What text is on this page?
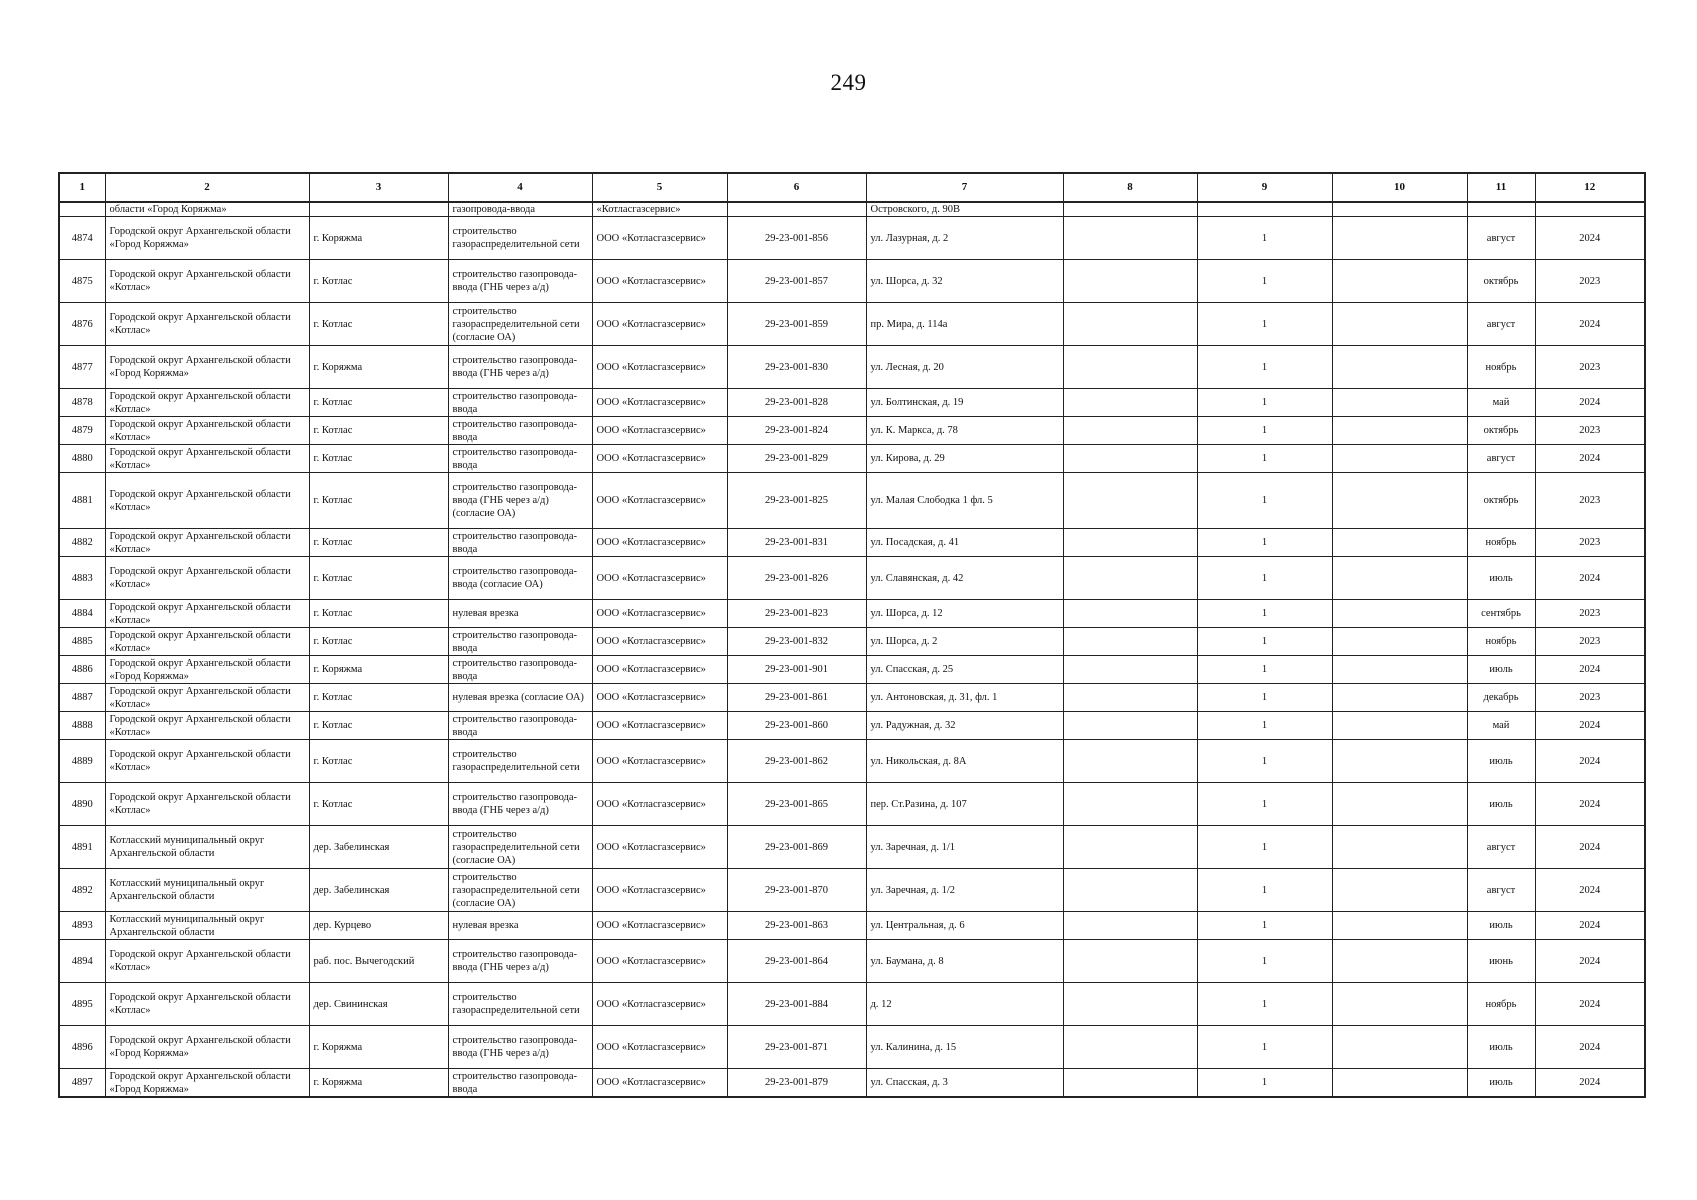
249
1	2	3	4	5	6	7	8	9	10	11	12
	области «Город Коряжма»		газопровода-ввода	«Котласгазсервис»		Островского, д. 90В					
4874	Городской округ Архангельской области «Город Коряжма»	г. Коряжма	строительство газораспределительной сети	ООО «Котласгазсервис»	29-23-001-856	ул. Лазурная, д. 2		1		август	2024
4875	Городской округ Архангельской области «Котлас»	г. Котлас	строительство газопровода-ввода (ГНБ через а/д)	ООО «Котласгазсервис»	29-23-001-857	ул. Шорса, д. 32		1		октябрь	2023
4876	Городской округ Архангельской области «Котлас»	г. Котлас	строительство газораспределительной сети (согласие ОА)	ООО «Котласгазсервис»	29-23-001-859	пр. Мира, д. 114а		1		август	2024
4877	Городской округ Архангельской области «Город Коряжма»	г. Коряжма	строительство газопровода-ввода (ГНБ через а/д)	ООО «Котласгазсервис»	29-23-001-830	ул. Лесная, д. 20		1		ноябрь	2023
4878	Городской округ Архангельской области «Котлас»	г. Котлас	строительство газопровода-ввода	ООО «Котласгазсервис»	29-23-001-828	ул. Болтинская, д. 19		1		май	2024
4879	Городской округ Архангельской области «Котлас»	г. Котлас	строительство газопровода-ввода	ООО «Котласгазсервис»	29-23-001-824	ул. К. Маркса, д. 78		1		октябрь	2023
4880	Городской округ Архангельской области «Котлас»	г. Котлас	строительство газопровода-ввода	ООО «Котласгазсервис»	29-23-001-829	ул. Кирова, д. 29		1		август	2024
4881	Городской округ Архангельской области «Котлас»	г. Котлас	строительство газопровода-ввода (ГНБ через а/д) (согласие ОА)	ООО «Котласгазсервис»	29-23-001-825	ул. Малая Слободка 1 фл. 5		1		октябрь	2023
4882	Городской округ Архангельской области «Котлас»	г. Котлас	строительство газопровода-ввода	ООО «Котласгазсервис»	29-23-001-831	ул. Посадская, д. 41		1		ноябрь	2023
4883	Городской округ Архангельской области «Котлас»	г. Котлас	строительство газопровода-ввода (согласие ОА)	ООО «Котласгазсервис»	29-23-001-826	ул. Славянская, д. 42		1		июль	2024
4884	Городской округ Архангельской области «Котлас»	г. Котлас	нулевая врезка	ООО «Котласгазсервис»	29-23-001-823	ул. Шорса, д. 12		1		сентябрь	2023
4885	Городской округ Архангельской области «Котлас»	г. Котлас	строительство газопровода-ввода	ООО «Котласгазсервис»	29-23-001-832	ул. Шорса, д. 2		1		ноябрь	2023
4886	Городской округ Архангельской области «Город Коряжма»	г. Коряжма	строительство газопровода-ввода	ООО «Котласгазсервис»	29-23-001-901	ул. Спасская, д. 25		1		июль	2024
4887	Городской округ Архангельской области «Котлас»	г. Котлас	нулевая врезка (согласие ОА)	ООО «Котласгазсервис»	29-23-001-861	ул. Антоновская, д. 31, фл. 1		1		декабрь	2023
4888	Городской округ Архангельской области «Котлас»	г. Котлас	строительство газопровода-ввода	ООО «Котласгазсервис»	29-23-001-860	ул. Радужная, д. 32		1		май	2024
4889	Городской округ Архангельской области «Котлас»	г. Котлас	строительство газораспределительной сети	ООО «Котласгазсервис»	29-23-001-862	ул. Никольская, д. 8А		1		июль	2024
4890	Городской округ Архангельской области «Котлас»	г. Котлас	строительство газопровода-ввода (ГНБ через а/д)	ООО «Котласгазсервис»	29-23-001-865	пер. Ст.Разина, д. 107		1		июль	2024
4891	Котласский муниципальный округ Архангельской области	дер. Забелинская	строительство газораспределительной сети (согласие ОА)	ООО «Котласгазсервис»	29-23-001-869	ул. Заречная, д. 1/1		1		август	2024
4892	Котласский муниципальный округ Архангельской области	дер. Забелинская	строительство газораспределительной сети (согласие ОА)	ООО «Котласгазсервис»	29-23-001-870	ул. Заречная, д. 1/2		1		август	2024
4893	Котласский муниципальный округ Архангельской области	дер. Курцево	нулевая врезка	ООО «Котласгазсервис»	29-23-001-863	ул. Центральная, д. 6		1		июль	2024
4894	Городской округ Архангельской области «Котлас»	раб. пос. Вычегодский	строительство газопровода-ввода (ГНБ через а/д)	ООО «Котласгазсервис»	29-23-001-864	ул. Баумана, д. 8		1		июнь	2024
4895	Городской округ Архангельской области «Котлас»	дер. Свининская	строительство газораспределительной сети	ООО «Котласгазсервис»	29-23-001-884	д. 12		1		ноябрь	2024
4896	Городской округ Архангельской области «Город Коряжма»	г. Коряжма	строительство газопровода-ввода (ГНБ через а/д)	ООО «Котласгазсервис»	29-23-001-871	ул. Калинина, д. 15		1		июль	2024
4897	Городской округ Архангельской области «Город Коряжма»	г. Коряжма	строительство газопровода-ввода	ООО «Котласгазсервис»	29-23-001-879	ул. Спасская, д. 3		1		июль	2024
